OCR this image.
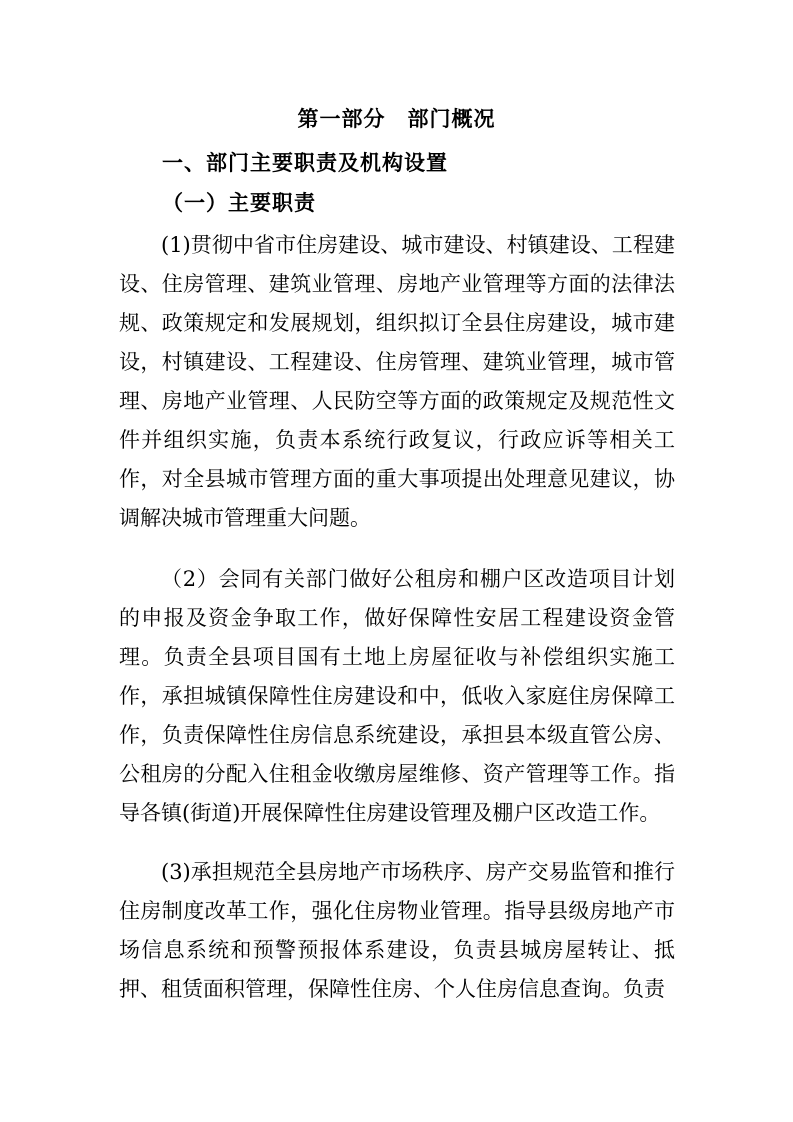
第一部分 部门概况
一、部门主要职责及机构设置
（一）主要职责

(1)贯彻中省市住房建设、城市建设、村镇建设、工程建设、住房管理、建筑业管理、房地产业管理等方面的法律法规、政策规定和发展规划，组织拟订全县住房建设，城市建设，村镇建设、工程建设、住房管理、建筑业管理，城市管理、房地产业管理、人民防空等方面的政策规定及规范性文件并组织实施，负责本系统行政复议，行政应诉等相关工作，对全县城市管理方面的重大事项提出处理意见建议，协调解决城市管理重大问题。

（2）会同有关部门做好公租房和棚户区改造项目计划的申报及资金争取工作，做好保障性安居工程建设资金管理。负责全县项目国有土地上房屋征收与补偿组织实施工作，承担城镇保障性住房建设和中，低收入家庭住房保障工作，负责保障性住房信息系统建设，承担县本级直管公房、公租房的分配入住租金收缴房屋维修、资产管理等工作。指导各镇(街道)开展保障性住房建设管理及棚户区改造工作。

(3)承担规范全县房地产市场秩序、房产交易监管和推行住房制度改革工作，强化住房物业管理。指导县级房地产市场信息系统和预警预报体系建设，负责县城房屋转让、抵押、租赁面积管理，保障性住房、个人住房信息查询。负责
